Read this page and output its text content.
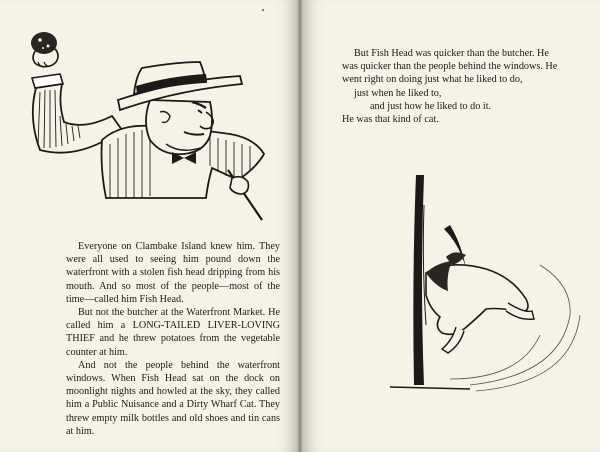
Everyone on Clambake Island knew him. They were all used to seeing him pound down the waterfront with a stolen fish head dripping from his mouth. And so most of the people—most of the time—called him Fish Head.

But not the butcher at the Waterfront Market. He called him a LONG-TAILED LIVER-LOVING THIEF and he threw potatoes from the vegetable counter at him.

And not the people behind the waterfront windows. When Fish Head sat on the dock on moonlight nights and howled at the sky, they called him a Public Nuisance and a Dirty Wharf Cat. They threw empty milk bottles and old shoes and tin cans at him.

But Fish Head was quicker than the butcher. He was quicker than the people behind the windows. He went right on doing just what he liked to do,

just when he liked to,

and just how he liked to do it.

He was that kind of cat.
